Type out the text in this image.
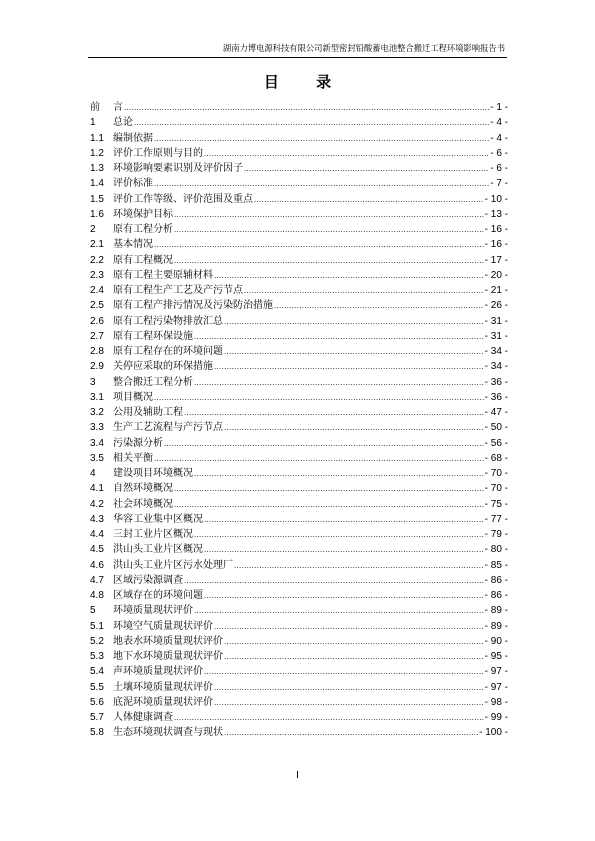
湖南力博电源科技有限公司新型密封铅酸蓄电池整合搬迁工程环境影响报告书
目 录
前	言 .....	- 1 -
1	总论 .....	- 4 -
1.1 编制依据 .....	- 4 -
1.2 评价工作原则与目的 .....	- 6 -
1.3 环境影响要素识别及评价因子 .....	- 6 -
1.4 评价标准 .....	- 7 -
1.5 评价工作等级、评价范围及重点 .....	- 10 -
1.6 环境保护目标 .....	- 13 -
2	原有工程分析 .....	- 16 -
2.1 基本情况 .....	- 16 -
2.2 原有工程概况 .....	- 17 -
2.3 原有工程主要原辅材料 .....	- 20 -
2.4 原有工程生产工艺及产污节点 .....	- 21 -
2.5 原有工程产排污情况及污染防治措施 .....	- 26 -
2.6 原有工程污染物排放汇总 .....	- 31 -
2.7 原有工程环保设施 .....	- 31 -
2.8 原有工程存在的环境问题 .....	- 34 -
2.9 关停应采取的环保措施 .....	- 34 -
3	整合搬迁工程分析 .....	- 36 -
3.1 项目概况 .....	- 36 -
3.2 公用及辅助工程 .....	- 47 -
3.3 生产工艺流程与产污节点 .....	- 50 -
3.4 污染源分析 .....	- 56 -
3.5 相关平衡 .....	- 68 -
4	建设项目环境概况 .....	- 70 -
4.1 自然环境概况 .....	- 70 -
4.2 社会环境概况 .....	- 75 -
4.3 华容工业集中区概况 .....	- 77 -
4.4 三封工业片区概况 .....	- 79 -
4.5 洪山头工业片区概况 .....	- 80 -
4.6 洪山头工业片区污水处理厂 .....	- 85 -
4.7 区域污染源调查 .....	- 86 -
4.8 区域存在的环境问题 .....	- 86 -
5	环境质量现状评价 .....	- 89 -
5.1 环境空气质量现状评价 .....	- 89 -
5.2 地表水环境质量现状评价 .....	- 90 -
5.3 地下水环境质量现状评价 .....	- 95 -
5.4 声环境质量现状评价 .....	- 97 -
5.5 土壤环境质量现状评价 .....	- 97 -
5.6 底泥环境质量现状评价 .....	- 98 -
5.7 人体健康调查 .....	- 99 -
5.8 生态环境现状调查与现状 .....	- 100 -
I
